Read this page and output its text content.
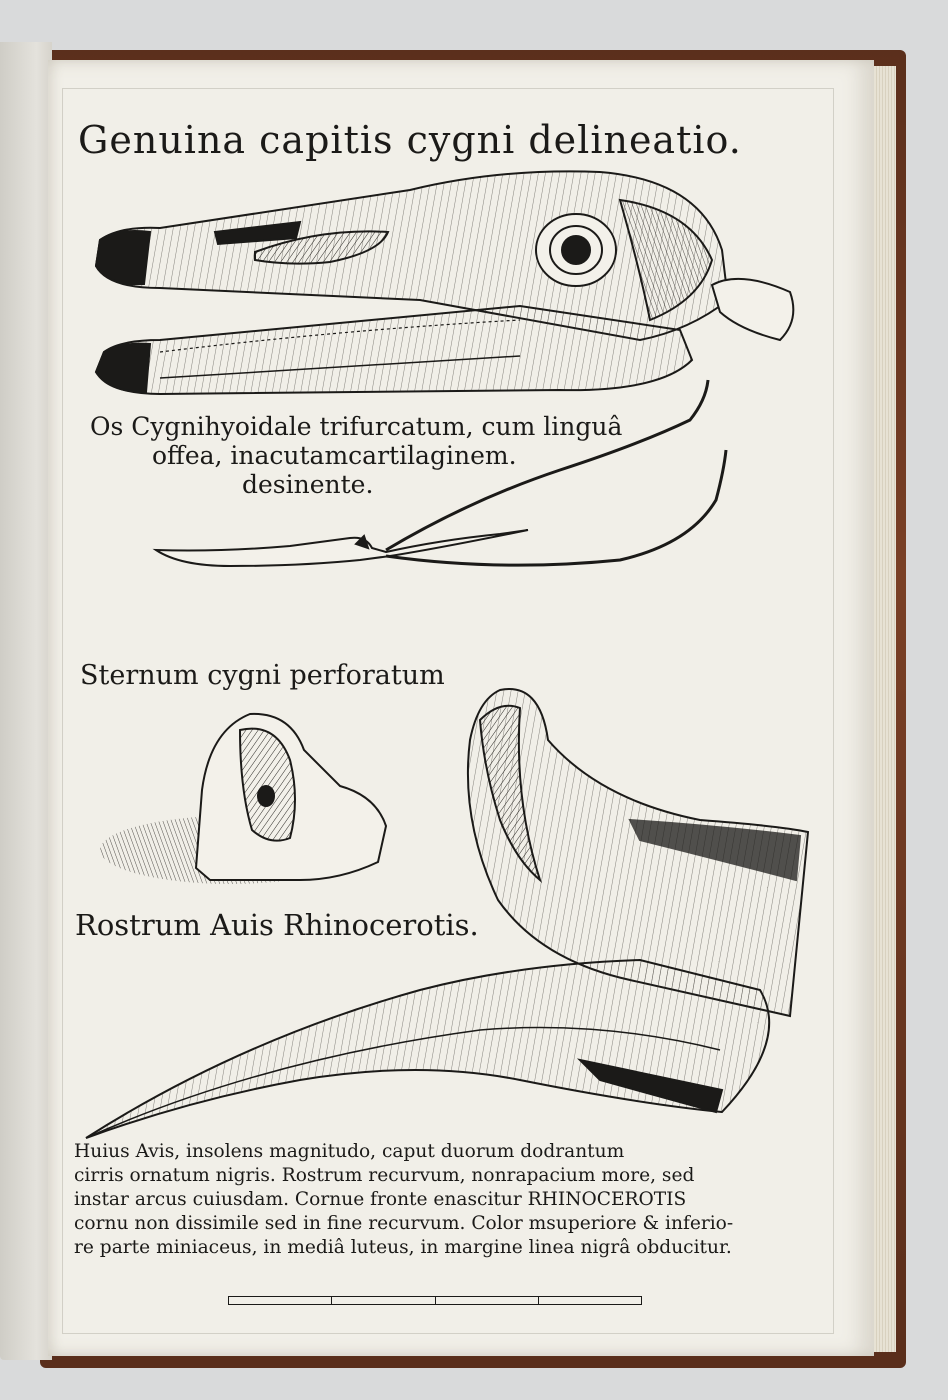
Genuina capitis cygni delineatio.
Os Cygnihyoidale trifurcatum, cum linguâ
offea, inacutamcartilaginem.
desinente.
Sternum cygni perforatum
Rostrum Auis Rhinocerotis.
Huius Avis, insolens magnitudo, caput duorum dodrantum
cirris ornatum nigris. Rostrum recurvum, nonrapacium more, sed
instar arcus cuiusdam. Cornue fronte enascitur RHINOCEROTIS
cornu non dissimile sed in fine recurvum. Color msuperiore & inferio-
re parte miniaceus, in mediâ luteus, in margine linea nigrâ obducitur.
